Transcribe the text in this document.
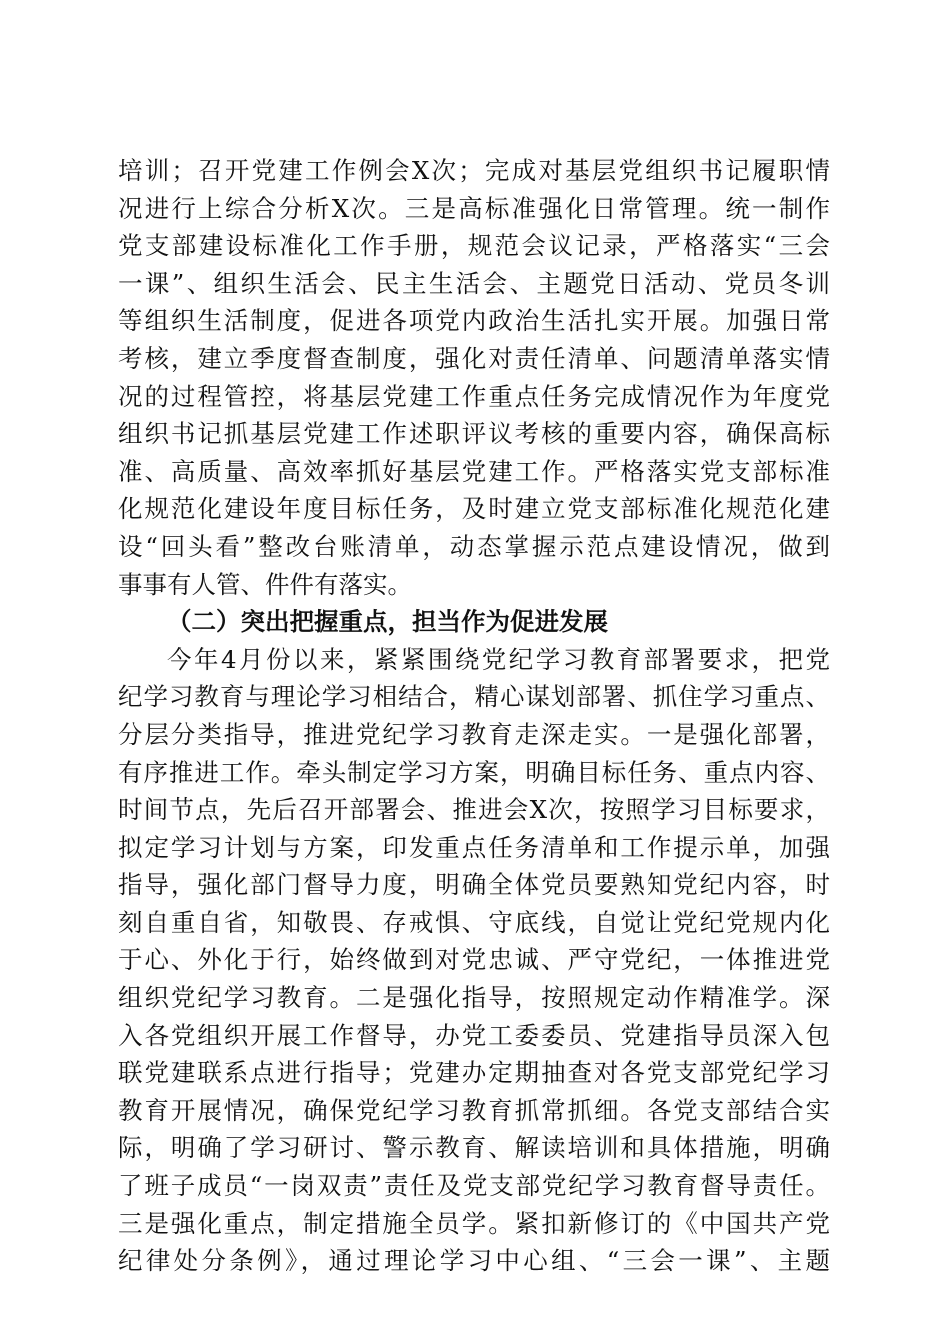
培训；召开党建工作例会X次；完成对基层党组织书记履职情
况进行上综合分析X次。三是高标准强化日常管理。统一制作
党支部建设标准化工作手册，规范会议记录，严格落实“三会
一课”、组织生活会、民主生活会、主题党日活动、党员冬训
等组织生活制度，促进各项党内政治生活扎实开展。加强日常
考核，建立季度督查制度，强化对责任清单、问题清单落实情
况的过程管控，将基层党建工作重点任务完成情况作为年度党
组织书记抓基层党建工作述职评议考核的重要内容，确保高标
准、高质量、高效率抓好基层党建工作。严格落实党支部标准
化规范化建设年度目标任务，及时建立党支部标准化规范化建
设“回头看”整改台账清单，动态掌握示范点建设情况，做到
事事有人管、件件有落实。
（二）突出把握重点，担当作为促进发展
今年4月份以来，紧紧围绕党纪学习教育部署要求，把党
纪学习教育与理论学习相结合，精心谋划部署、抓住学习重点、
分层分类指导，推进党纪学习教育走深走实。一是强化部署，
有序推进工作。牵头制定学习方案，明确目标任务、重点内容、
时间节点，先后召开部署会、推进会X次，按照学习目标要求，
拟定学习计划与方案，印发重点任务清单和工作提示单，加强
指导，强化部门督导力度，明确全体党员要熟知党纪内容，时
刻自重自省，知敬畏、存戒惧、守底线，自觉让党纪党规内化
于心、外化于行，始终做到对党忠诚、严守党纪，一体推进党
组织党纪学习教育。二是强化指导，按照规定动作精准学。深
入各党组织开展工作督导，办党工委委员、党建指导员深入包
联党建联系点进行指导；党建办定期抽查对各党支部党纪学习
教育开展情况，确保党纪学习教育抓常抓细。各党支部结合实
际，明确了学习研讨、警示教育、解读培训和具体措施，明确
了班子成员“一岗双责”责任及党支部党纪学习教育督导责任。
三是强化重点，制定措施全员学。紧扣新修订的《中国共产党
纪律处分条例》，通过理论学习中心组、“三会一课”、主题
